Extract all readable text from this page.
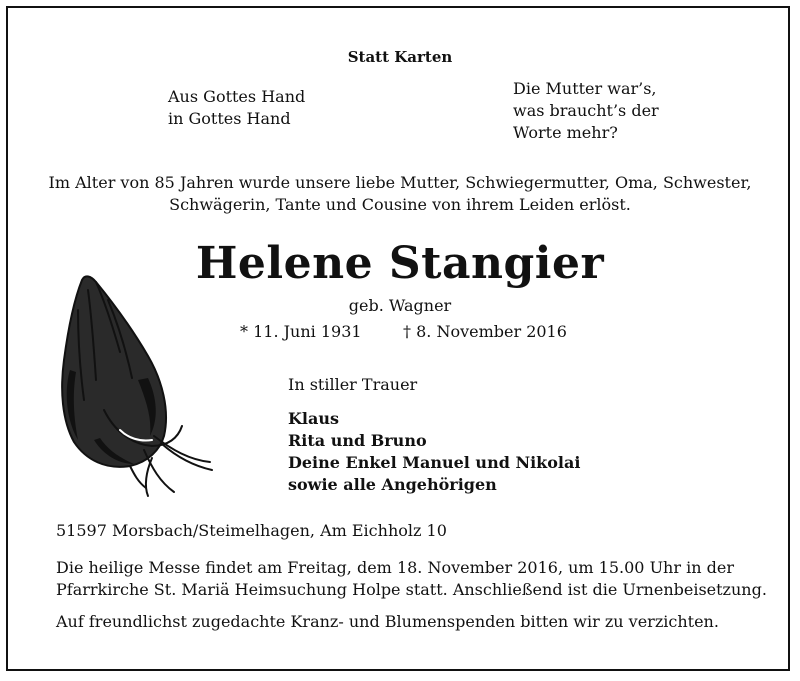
Statt Karten
Aus Gottes Hand
in Gottes Hand
Die Mutter war’s,
was braucht’s der
Worte mehr?
Im Alter von 85 Jahren wurde unsere liebe Mutter, Schwiegermutter, Oma, Schwester,
Schwägerin, Tante und Cousine von ihrem Leiden erlöst.
Helene Stangier
geb. Wagner
* 11. Juni 1931	† 8. November 2016
In stiller Trauer
Klaus
Rita und Bruno
Deine Enkel Manuel und Nikolai
sowie alle Angehörigen
51597 Morsbach/Steimelhagen, Am Eichholz 10
Die heilige Messe findet am Freitag, dem 18. November 2016, um 15.00 Uhr in der
Pfarrkirche St. Mariä Heimsuchung Holpe statt. Anschließend ist die Urnenbeisetzung.
Auf freundlichst zugedachte Kranz- und Blumenspenden bitten wir zu verzichten.
